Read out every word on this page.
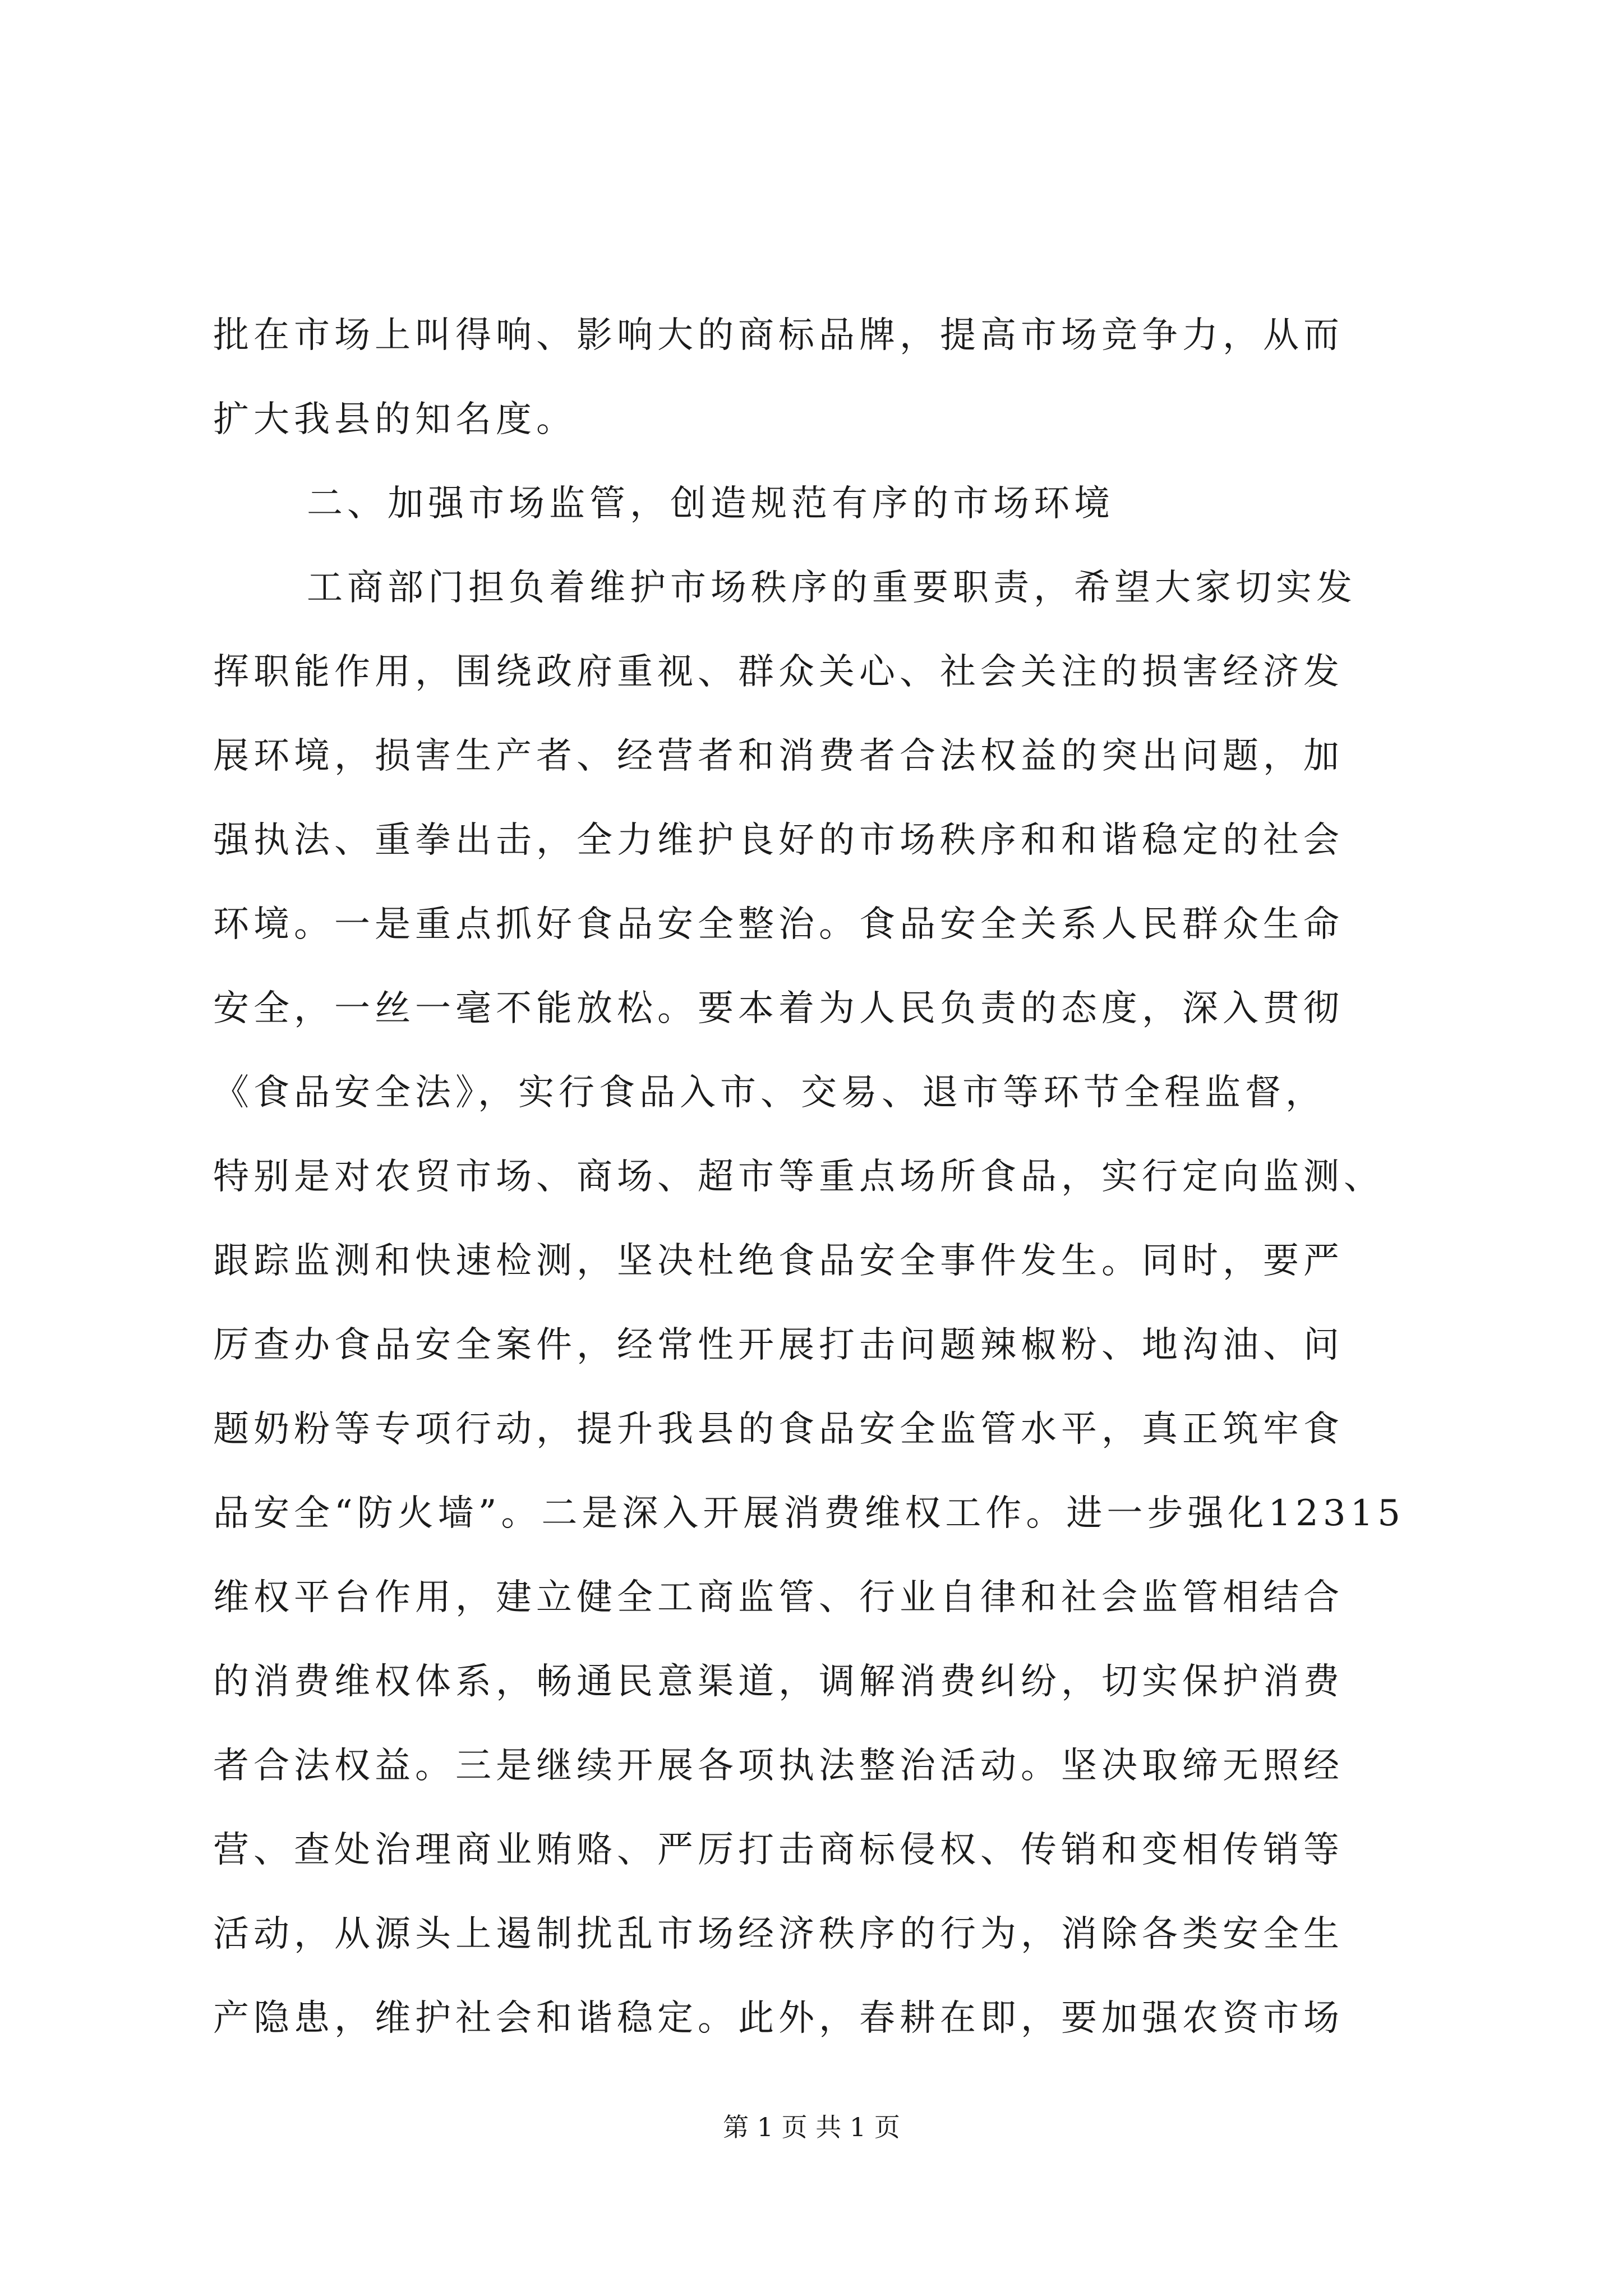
批在市场上叫得响、影响大的商标品牌，提高市场竞争力，从而
扩大我县的知名度。
二、加强市场监管，创造规范有序的市场环境
工商部门担负着维护市场秩序的重要职责，希望大家切实发
挥职能作用，围绕政府重视、群众关心、社会关注的损害经济发
展环境，损害生产者、经营者和消费者合法权益的突出问题，加
强执法、重拳出击，全力维护良好的市场秩序和和谐稳定的社会
环境。一是重点抓好食品安全整治。食品安全关系人民群众生命
安全，一丝一毫不能放松。要本着为人民负责的态度，深入贯彻
《食品安全法》，实行食品入市、交易、退市等环节全程监督，
特别是对农贸市场、商场、超市等重点场所食品，实行定向监测、
跟踪监测和快速检测，坚决杜绝食品安全事件发生。同时，要严
厉查办食品安全案件，经常性开展打击问题辣椒粉、地沟油、问
题奶粉等专项行动，提升我县的食品安全监管水平，真正筑牢食
品安全“防火墙”。二是深入开展消费维权工作。进一步强化12315
维权平台作用，建立健全工商监管、行业自律和社会监管相结合
的消费维权体系，畅通民意渠道，调解消费纠纷，切实保护消费
者合法权益。三是继续开展各项执法整治活动。坚决取缔无照经
营、查处治理商业贿赂、严厉打击商标侵权、传销和变相传销等
活动，从源头上遏制扰乱市场经济秩序的行为，消除各类安全生
产隐患，维护社会和谐稳定。此外，春耕在即，要加强农资市场
第 1 页 共 1 页
